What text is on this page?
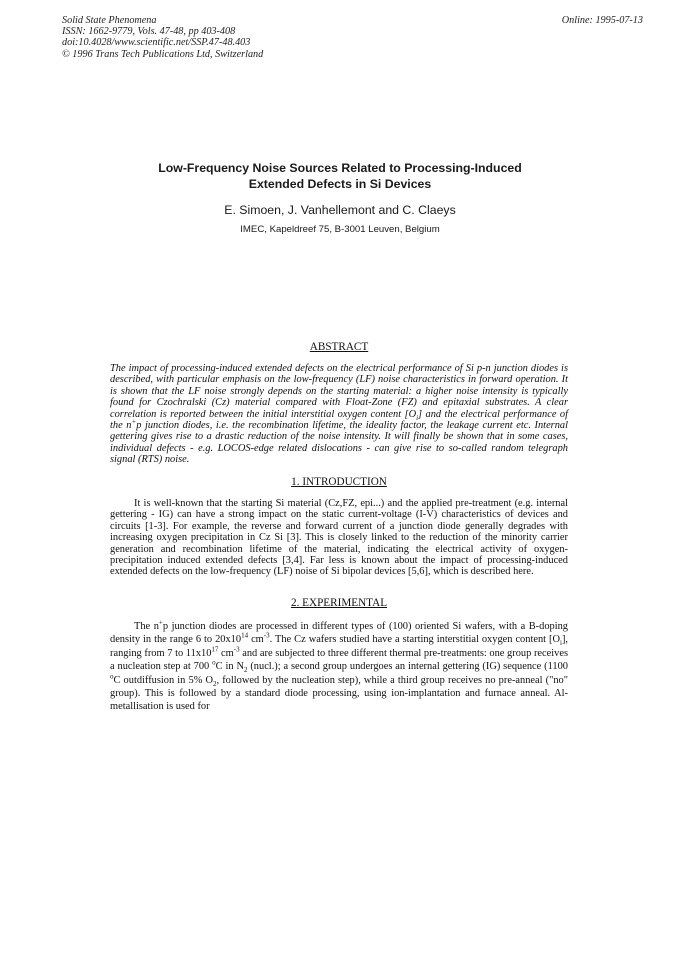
Solid State Phenomena
ISSN: 1662-9779, Vols. 47-48, pp 403-408
doi:10.4028/www.scientific.net/SSP.47-48.403
© 1996 Trans Tech Publications Ltd, Switzerland
Online: 1995-07-13
Low-Frequency Noise Sources Related to Processing-Induced
Extended Defects in Si Devices
E. Simoen, J. Vanhellemont and C. Claeys
IMEC, Kapeldreef 75, B-3001 Leuven, Belgium
ABSTRACT
The impact of processing-induced extended defects on the electrical performance of Si p-n junction diodes is described, with particular emphasis on the low-frequency (LF) noise characteristics in forward operation. It is shown that the LF noise strongly depends on the starting material: a higher noise intensity is typically found for Czochralski (Cz) material compared with Float-Zone (FZ) and epitaxial substrates. A clear correlation is reported between the initial interstitial oxygen content $[O_i]$ and the electrical performance of the n+p junction diodes, i.e. the recombination lifetime, the ideality factor, the leakage current etc. Internal gettering gives rise to a drastic reduction of the noise intensity. It will finally be shown that in some cases, individual defects - e.g. LOCOS-edge related dislocations - can give rise to so-called random telegraph signal (RTS) noise.
1. INTRODUCTION
It is well-known that the starting Si material (Cz,FZ, epi...) and the applied pre-treatment (e.g. internal gettering - IG) can have a strong impact on the static current-voltage (I-V) characteristics of devices and circuits [1-3]. For example, the reverse and forward current of a junction diode generally degrades with increasing oxygen precipitation in Cz Si [3]. This is closely linked to the reduction of the minority carrier generation and recombination lifetime of the material, indicating the electrical activity of oxygen-precipitation induced extended defects [3,4]. Far less is known about the impact of processing-induced extended defects on the low-frequency (LF) noise of Si bipolar devices [5,6], which is described here.
2. EXPERIMENTAL
The n+p junction diodes are processed in different types of (100) oriented Si wafers, with a B-doping density in the range 6 to $20x10^{14}$ $cm^{-3}$. The Cz wafers studied have a starting interstitial oxygen content $[O_i]$, ranging from 7 to $11x10^{17}$ $cm^{-3}$ and are subjected to three different thermal pre-treatments: one group receives a nucleation step at 700 $^o$C in $N_2$ (nucl.); a second group undergoes an internal gettering (IG) sequence (1100 $^o$C outdiffusion in 5% $O_2$, followed by the nucleation step), while a third group receives no pre-anneal ("no" group). This is followed by a standard diode processing, using ion-implantation and furnace anneal. Al-metallisation is used for
